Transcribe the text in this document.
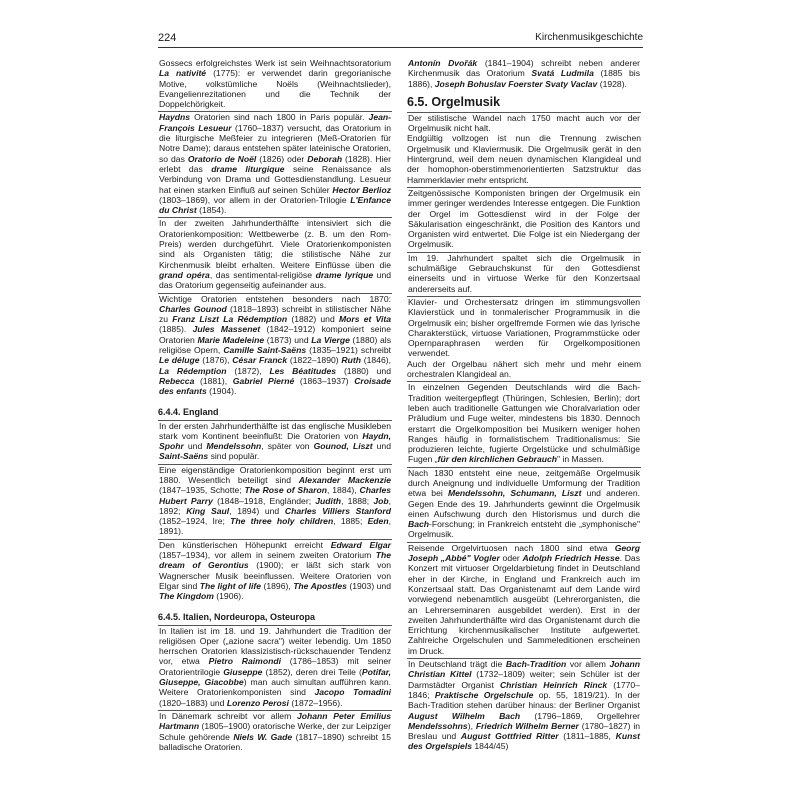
224	Kirchenmusikgeschichte

Gossecs erfolgreichstes Werk ist sein Weihnachtsoratorium La nativité (1775): er verwendet darin gregorianische Motive, volkstümliche Noëls (Weihnachtslieder), Evangelienrezitationen und die Technik der Doppelchörigkeit.

Haydns Oratorien sind nach 1800 in Paris populär. Jean-François Lesueur (1760–1837) versucht, das Oratorium in die liturgische Meßfeier zu integrieren (Meß-Oratorien für Notre Dame); daraus entstehen später lateinische Oratorien, so das Oratorio de Noël (1826) oder Deborah (1828). Hier erlebt das drame liturgique seine Renaissance als Verbindung von Drama und Gottesdienstandlung. Lesueur hat einen starken Einfluß auf seinen Schüler Hector Berlioz (1803–1869), vor allem in der Oratorien-Trilogie L'Enfance du Christ (1854).

In der zweiten Jahrhunderthälfte intensiviert sich die Oratorienkomposition: Wettbewerbe (z. B. um den Rom-Preis) werden durchgeführt. Viele Oratorienkomponisten sind als Organisten tätig; die stilistische Nähe zur Kirchenmusik bleibt erhalten. Weitere Einflüsse üben die grand opéra, das sentimental-religiöse drame lyrique und das Oratorium gegenseitig aufeinander aus.

Wichtige Oratorien entstehen besonders nach 1870: Charles Gounod (1818–1893) schreibt in stilistischer Nähe zu Franz Liszt La Rédemption (1882) und Mors et Vita (1885). Jules Massenet (1842–1912) komponiert seine Oratorien Marie Madeleine (1873) und La Vierge (1880) als religiöse Opern, Camille Saint-Saëns (1835–1921) schreibt Le déluge (1876), César Franck (1822–1890) Ruth (1846), La Rédemption (1872), Les Béatitudes (1880) und Rebecca (1881), Gabriel Pierné (1863–1937) Croisade des enfants (1904).

6.4.4. England

In der ersten Jahrhunderthälfte ist das englische Musikleben stark vom Kontinent beeinflußt: Die Oratorien von Haydn, Spohr und Mendelssohn, später von Gounod, Liszt und Saint-Saëns sind populär.

Eine eigenständige Oratorienkomposition beginnt erst um 1880. Wesentlich beteiligt sind Alexander Mackenzie (1847–1935, Schotte; The Rose of Sharon, 1884), Charles Hubert Parry (1848–1918, Engländer; Judith, 1888; Job, 1892; King Saul, 1894) und Charles Villiers Stanford (1852–1924, Ire; The three holy children, 1885; Eden, 1891).

Den künstlerischen Höhepunkt erreicht Edward Elgar (1857–1934), vor allem in seinem zweiten Oratorium The dream of Gerontius (1900); er läßt sich stark von Wagnerscher Musik beeinflussen. Weitere Oratorien von Elgar sind The light of life (1896), The Apostles (1903) und The Kingdom (1906).

6.4.5. Italien, Nordeuropa, Osteuropa

In Italien ist im 18. und 19. Jahrhundert die Tradition der religiösen Oper („azione sacra") weiter lebendig. Um 1850 herrschen Oratorien klassizistisch-rückschauender Tendenz vor, etwa Pietro Raimondi (1786–1853) mit seiner Oratorientrilogie Giuseppe (1852), deren drei Teile (Potifar, Giuseppe, Giacobbe) man auch simultan aufführen kann. Weitere Oratorienkomponisten sind Jacopo Tomadini (1820–1883) und Lorenzo Perosi (1872–1956).

In Dänemark schreibt vor allem Johann Peter Emilius Hartmann (1805–1900) oratorische Werke, der zur Leipziger Schule gehörende Niels W. Gade (1817–1890) schreibt 15 balladische Oratorien.

Antonín Dvořák (1841–1904) schreibt neben anderer Kirchenmusik das Oratorium Svatá Ludmila (1885 bis 1886), Joseph Bohuslav Foerster Svaty Vaclav (1928).

6.5. Orgelmusik

Der stilistische Wandel nach 1750 macht auch vor der Orgelmusik nicht halt.

Endgültig vollzogen ist nun die Trennung zwischen Orgelmusik und Klaviermusik. Die Orgelmusik gerät in den Hintergrund, weil dem neuen dynamischen Klangideal und der homophon-oberstimmenorientierten Satzstruktur das Hammerklavier mehr entspricht.

Zeitgenössische Komponisten bringen der Orgelmusik ein immer geringer werdendes Interesse entgegen. Die Funktion der Orgel im Gottesdienst wird in der Folge der Säkularisation eingeschränkt, die Position des Kantors und Organisten wird entwertet. Die Folge ist ein Niedergang der Orgelmusik.

Im 19. Jahrhundert spaltet sich die Orgelmusik in schulmäßige Gebrauchskunst für den Gottesdienst einerseits und in virtuose Werke für den Konzertsaal andererseits auf.

Klavier- und Orchestersatz dringen im stimmungsvollen Klavierstück und in tonmalerischer Programmusik in die Orgelmusik ein; bisher orgelfremde Formen wie das lyrische Charakterstück, virtuose Variationen, Programmstücke oder Opernparaphrasen werden für Orgelkompositionen verwendet.

Auch der Orgelbau nähert sich mehr und mehr einem orchestralen Klangideal an.

In einzelnen Gegenden Deutschlands wird die Bach-Tradition weitergepflegt (Thüringen, Schlesien, Berlin); dort leben auch traditionelle Gattungen wie Choralvariation oder Präludium und Fuge weiter, mindestens bis 1830. Dennoch erstarrt die Orgelkomposition bei Musikern weniger hohen Ranges häufig in formalistischem Traditionalismus: Sie produzieren leichte, fugierte Orgelstücke und schulmäßige Fugen „für den kirchlichen Gebrauch" in Massen.

Nach 1830 entsteht eine neue, zeitgemäße Orgelmusik durch Aneignung und individuelle Umformung der Tradition etwa bei Mendelssohn, Schumann, Liszt und anderen. Gegen Ende des 19. Jahrhunderts gewinnt die Orgelmusik einen Aufschwung durch den Historismus und durch die Bach-Forschung; in Frankreich entsteht die „symphonische" Orgelmusik.

Reisende Orgelvirtuosen nach 1800 sind etwa Georg Joseph „Abbé" Vogler oder Adolph Friedrich Hesse. Das Konzert mit virtuoser Orgeldarbietung findet in Deutschland eher in der Kirche, in England und Frankreich auch im Konzertsaal statt. Das Organistenamt auf dem Lande wird vorwiegend nebenamtlich ausgeübt (Lehrerorganisten, die an Lehrerseminaren ausgebildet werden). Erst in der zweiten Jahrhunderthälfte wird das Organistenamt durch die Errichtung kirchenmusikalischer Institute aufgewertet. Zahlreiche Orgelschulen und Sammeleditionen erscheinen im Druck.

In Deutschland trägt die Bach-Tradition vor allem Johann Christian Kittel (1732–1809) weiter; sein Schüler ist der Darmstädter Organist Christian Heinrich Rinck (1770–1846; Praktische Orgelschule op. 55, 1819/21). In der Bach-Tradition stehen darüber hinaus: der Berliner Organist August Wilhelm Bach (1796–1869, Orgellehrer Mendelssohns), Friedrich Wilhelm Berner (1780–1827) in Breslau und August Gottfried Ritter (1811–1885, Kunst des Orgelspiels 1844/45)
